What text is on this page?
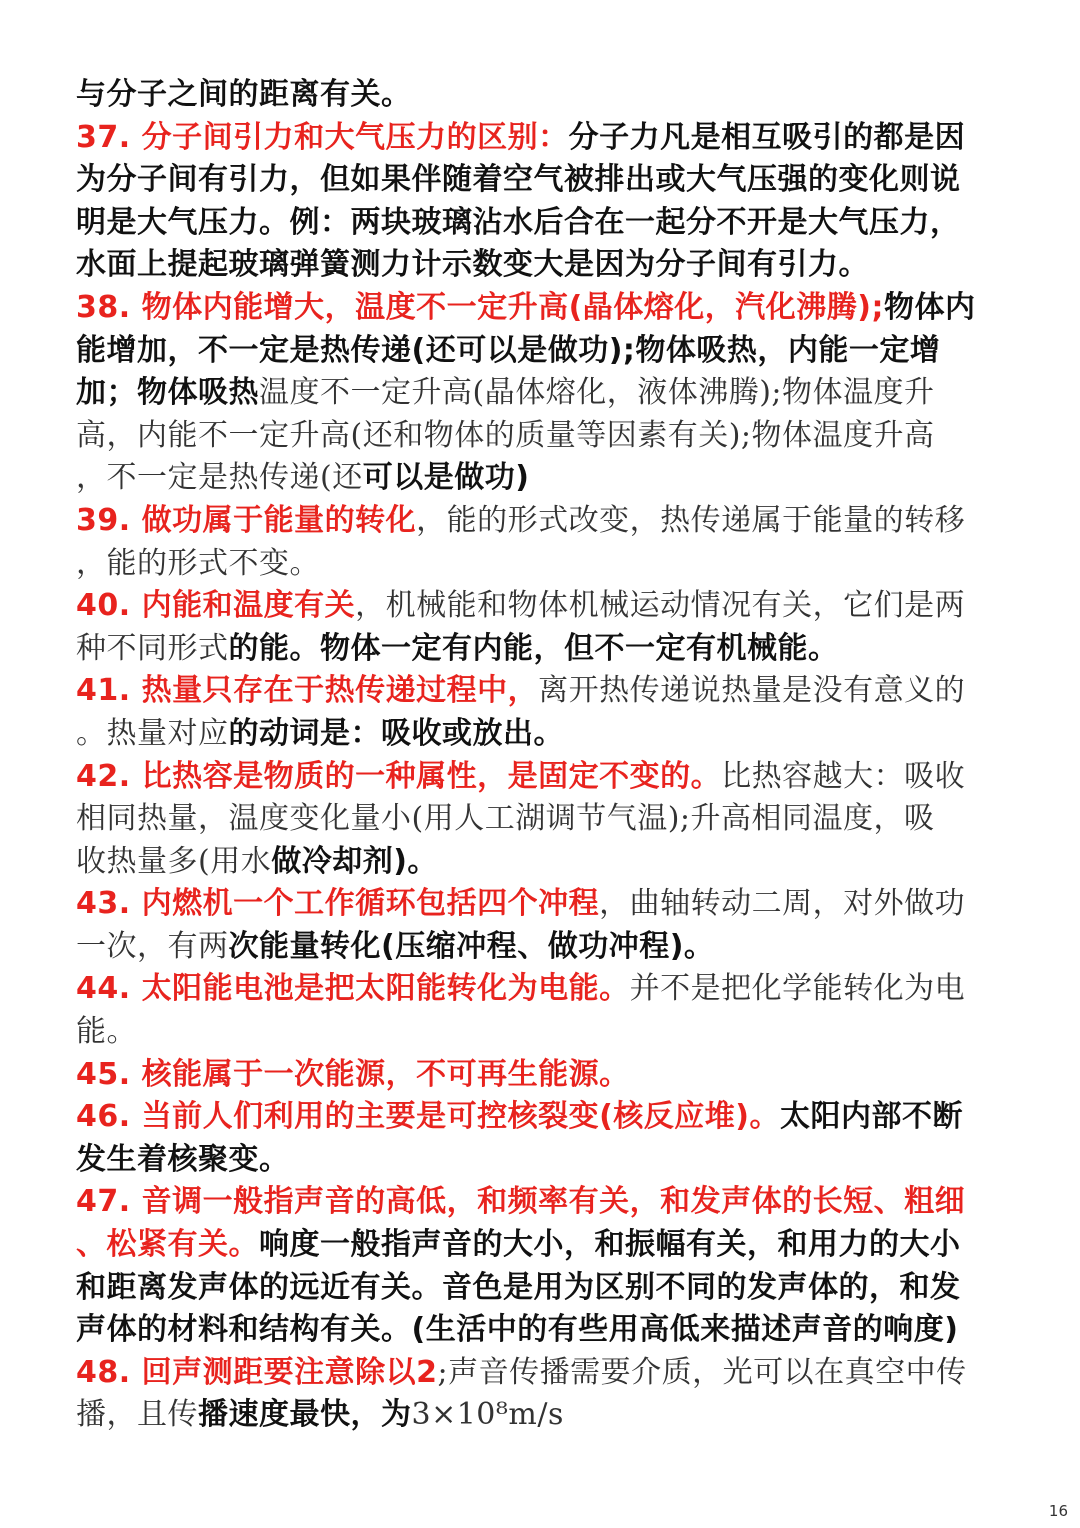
与分子之间的距离有关。
37. 分子间引力和大气压力的区别：分子力凡是相互吸引的都是因
为分子间有引力，但如果伴随着空气被排出或大气压强的变化则说
明是大气压力。例：两块玻璃沾水后合在一起分不开是大气压力，
水面上提起玻璃弹簧测力计示数变大是因为分子间有引力。
38. 物体内能增大，温度不一定升高(晶体熔化，汽化沸腾);物体内
能增加，不一定是热传递(还可以是做功);物体吸热，内能一定增
加；物体吸热温度不一定升高(晶体熔化，液体沸腾);物体温度升
高，内能不一定升高(还和物体的质量等因素有关);物体温度升高
，不一定是热传递(还可以是做功)
39. 做功属于能量的转化，能的形式改变，热传递属于能量的转移
，能的形式不变。
40. 内能和温度有关，机械能和物体机械运动情况有关，它们是两
种不同形式的能。物体一定有内能，但不一定有机械能。
41. 热量只存在于热传递过程中，离开热传递说热量是没有意义的
。热量对应的动词是：吸收或放出。
42. 比热容是物质的一种属性，是固定不变的。比热容越大：吸收
相同热量，温度变化量小(用人工湖调节气温);升高相同温度，吸
收热量多(用水做冷却剂)。
43. 内燃机一个工作循环包括四个冲程，曲轴转动二周，对外做功
一次，有两次能量转化(压缩冲程、做功冲程)。
44. 太阳能电池是把太阳能转化为电能。并不是把化学能转化为电
能。
45. 核能属于一次能源，不可再生能源。
46. 当前人们利用的主要是可控核裂变(核反应堆)。太阳内部不断
发生着核聚变。
47. 音调一般指声音的高低，和频率有关，和发声体的长短、粗细
、松紧有关。响度一般指声音的大小，和振幅有关，和用力的大小
和距离发声体的远近有关。音色是用为区别不同的发声体的，和发
声体的材料和结构有关。(生活中的有些用高低来描述声音的响度)
48. 回声测距要注意除以2;声音传播需要介质，光可以在真空中传
播，且传播速度最快，为3×10⁸m/s
16
